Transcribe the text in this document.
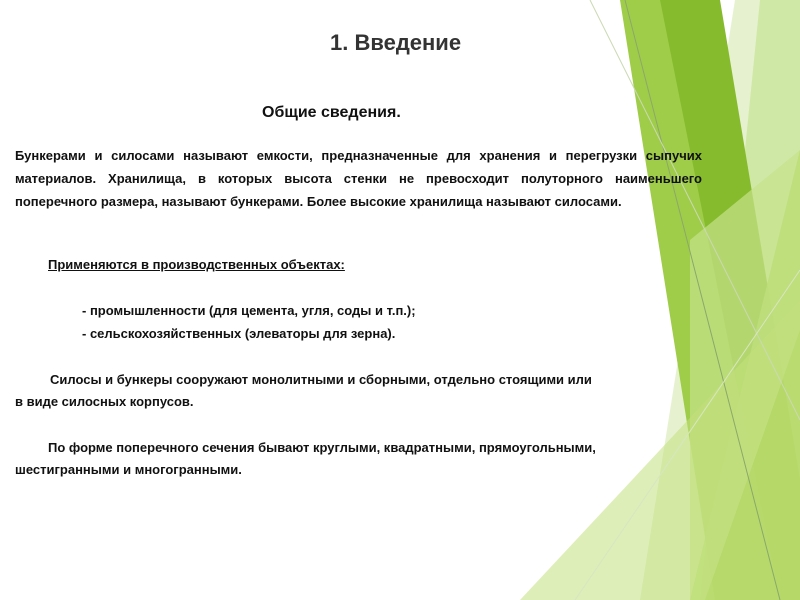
1. Введение
Общие сведения.
Бункерами и силосами называют емкости, предназначенные для хранения и перегрузки сыпучих материалов. Хранилища, в которых высота стенки не превосходит полуторного наименьшего поперечного размера, называют бункерами. Более высокие хранилища называют силосами.
Применяются в производственных объектах:
- промышленности (для цемента, угля, соды и т.п.);
- сельскохозяйственных (элеваторы для зерна).
Силосы и бункеры сооружают монолитными и сборными, отдельно стоящими или
в виде силосных корпусов.
По форме поперечного сечения бывают круглыми, квадратными, прямоугольными,
шестигранными и многогранными.
